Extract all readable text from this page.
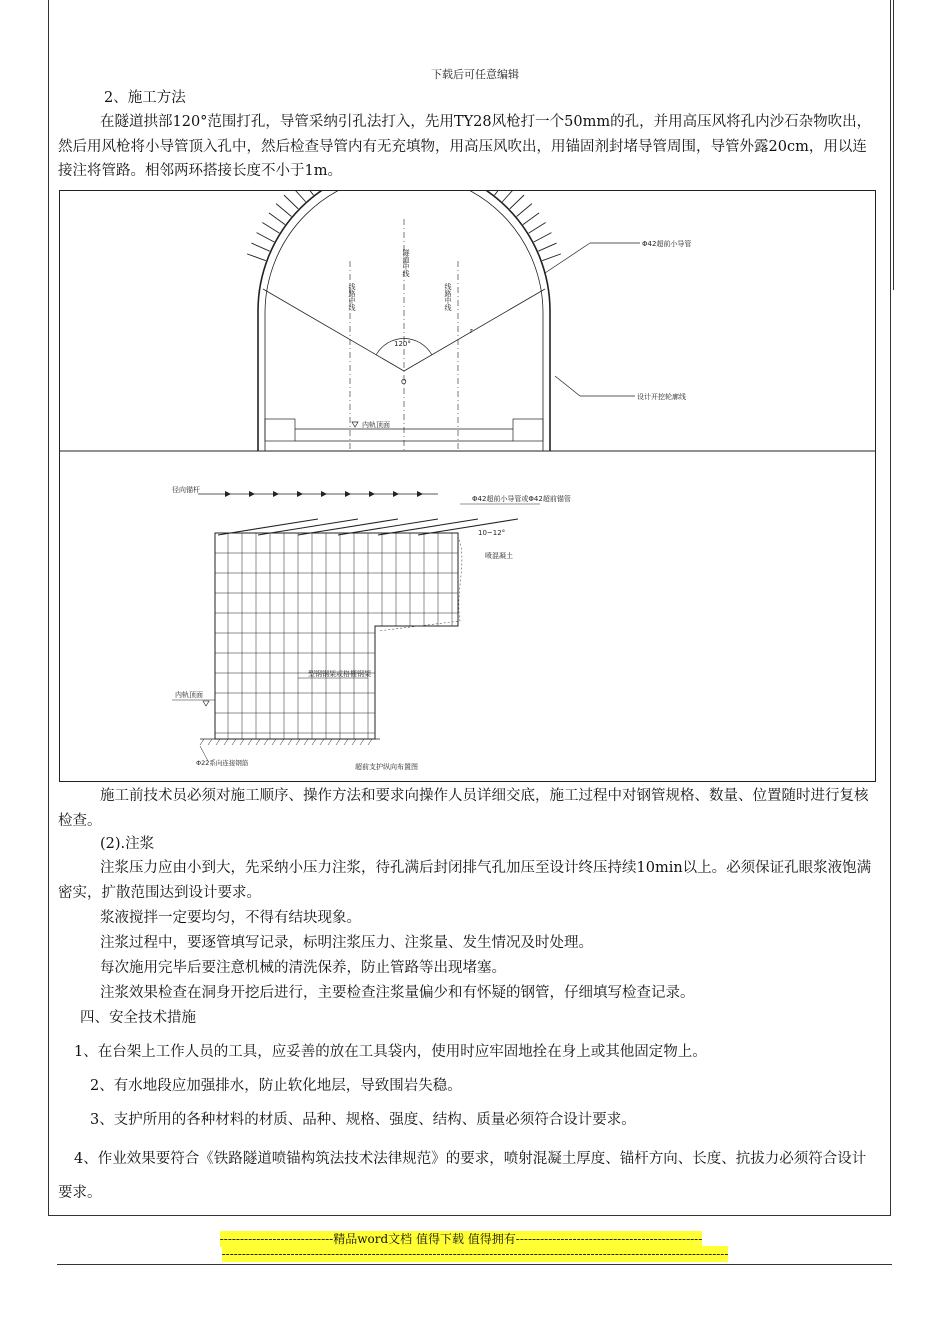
下载后可任意编辑

2、施工方法

在隧道拱部120°范围打孔，导管采纳引孔法打入，先用TY28风枪打一个50mm的孔，并用高压风将孔内沙石杂物吹出，然后用风枪将小导管顶入孔中，然后检查导管内有无充填物，用高压风吹出，用锚固剂封堵导管周围，导管外露20cm，用以连接注将管路。相邻两环搭接长度不小于1m。

Φ42超前小导管
设计开挖轮廓线
内轨顶面
120°
r
O
隧道中线
线路中线	线路中线
径向锚杆
Φ42超前小导管或Φ42超前锚管
10~12°
喷混凝土
型钢钢架或格栅钢架
内轨顶面
Φ22系向连接钢筋	超前支护纵向布置图

施工前技术员必须对施工顺序、操作方法和要求向操作人员详细交底，施工过程中对钢管规格、数量、位置随时进行复核检查。

(2).注浆

注浆压力应由小到大，先采纳小压力注浆，待孔满后封闭排气孔加压至设计终压持续10min以上。必须保证孔眼浆液饱满密实，扩散范围达到设计要求。

浆液搅拌一定要均匀，不得有结块现象。

注浆过程中，要逐管填写记录，标明注浆压力、注浆量、发生情况及时处理。

每次施用完毕后要注意机械的清洗保养，防止管路等出现堵塞。

注浆效果检查在洞身开挖后进行，主要检查注浆量偏少和有怀疑的钢管，仔细填写检查记录。

四、安全技术措施

1、在台架上工作人员的工具，应妥善的放在工具袋内，使用时应牢固地拴在身上或其他固定物上。

2、有水地段应加强排水，防止软化地层，导致围岩失稳。

3、支护所用的各种材料的材质、品种、规格、强度、结构、质量必须符合设计要求。

4、作业效果要符合《铁路隧道喷锚构筑法技术法律规范》的要求，喷射混凝土厚度、锚杆方向、长度、抗拔力必须符合设计要求。

----------------------------精品word文档 值得下载 值得拥有----------------------------------------------
-----------------------------------------------------------------------------------------------------------------------------
